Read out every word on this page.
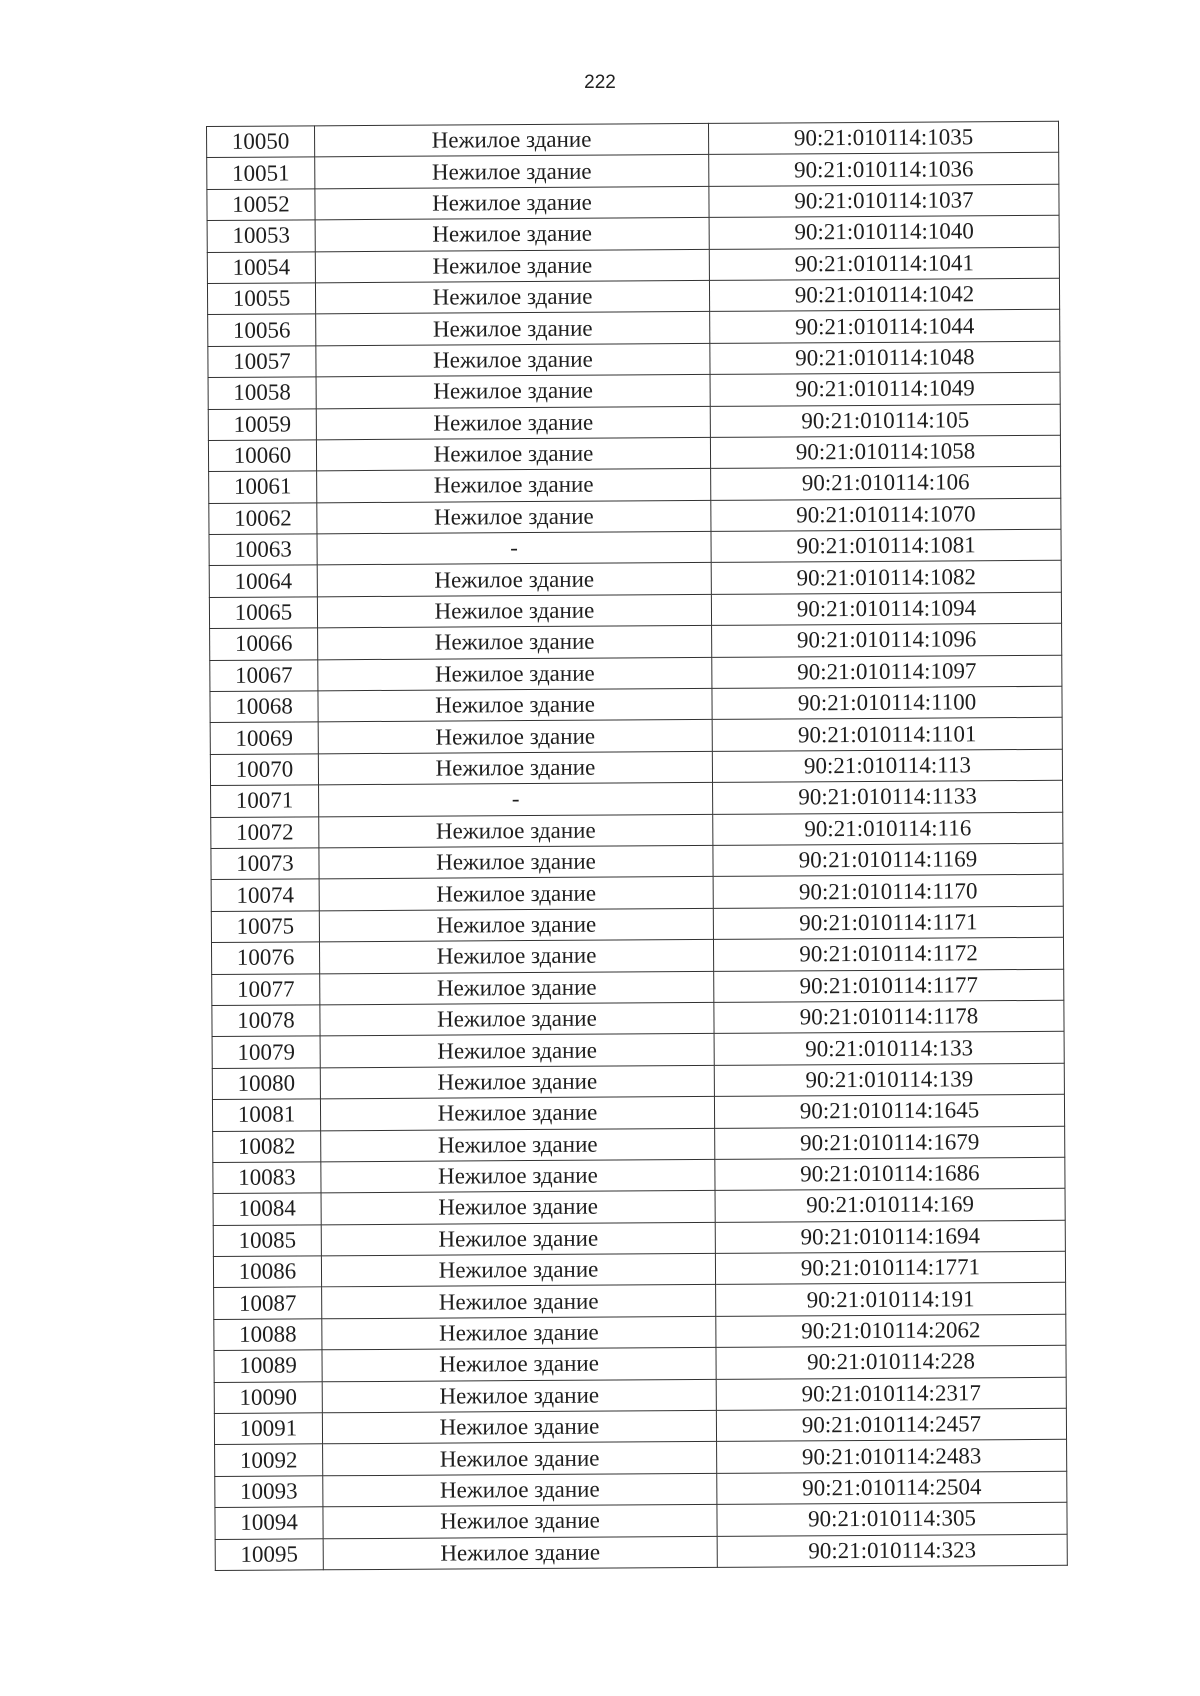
222
10050	Нежилое здание	90:21:010114:1035
10051	Нежилое здание	90:21:010114:1036
10052	Нежилое здание	90:21:010114:1037
10053	Нежилое здание	90:21:010114:1040
10054	Нежилое здание	90:21:010114:1041
10055	Нежилое здание	90:21:010114:1042
10056	Нежилое здание	90:21:010114:1044
10057	Нежилое здание	90:21:010114:1048
10058	Нежилое здание	90:21:010114:1049
10059	Нежилое здание	90:21:010114:105
10060	Нежилое здание	90:21:010114:1058
10061	Нежилое здание	90:21:010114:106
10062	Нежилое здание	90:21:010114:1070
10063	-	90:21:010114:1081
10064	Нежилое здание	90:21:010114:1082
10065	Нежилое здание	90:21:010114:1094
10066	Нежилое здание	90:21:010114:1096
10067	Нежилое здание	90:21:010114:1097
10068	Нежилое здание	90:21:010114:1100
10069	Нежилое здание	90:21:010114:1101
10070	Нежилое здание	90:21:010114:113
10071	-	90:21:010114:1133
10072	Нежилое здание	90:21:010114:116
10073	Нежилое здание	90:21:010114:1169
10074	Нежилое здание	90:21:010114:1170
10075	Нежилое здание	90:21:010114:1171
10076	Нежилое здание	90:21:010114:1172
10077	Нежилое здание	90:21:010114:1177
10078	Нежилое здание	90:21:010114:1178
10079	Нежилое здание	90:21:010114:133
10080	Нежилое здание	90:21:010114:139
10081	Нежилое здание	90:21:010114:1645
10082	Нежилое здание	90:21:010114:1679
10083	Нежилое здание	90:21:010114:1686
10084	Нежилое здание	90:21:010114:169
10085	Нежилое здание	90:21:010114:1694
10086	Нежилое здание	90:21:010114:1771
10087	Нежилое здание	90:21:010114:191
10088	Нежилое здание	90:21:010114:2062
10089	Нежилое здание	90:21:010114:228
10090	Нежилое здание	90:21:010114:2317
10091	Нежилое здание	90:21:010114:2457
10092	Нежилое здание	90:21:010114:2483
10093	Нежилое здание	90:21:010114:2504
10094	Нежилое здание	90:21:010114:305
10095	Нежилое здание	90:21:010114:323
